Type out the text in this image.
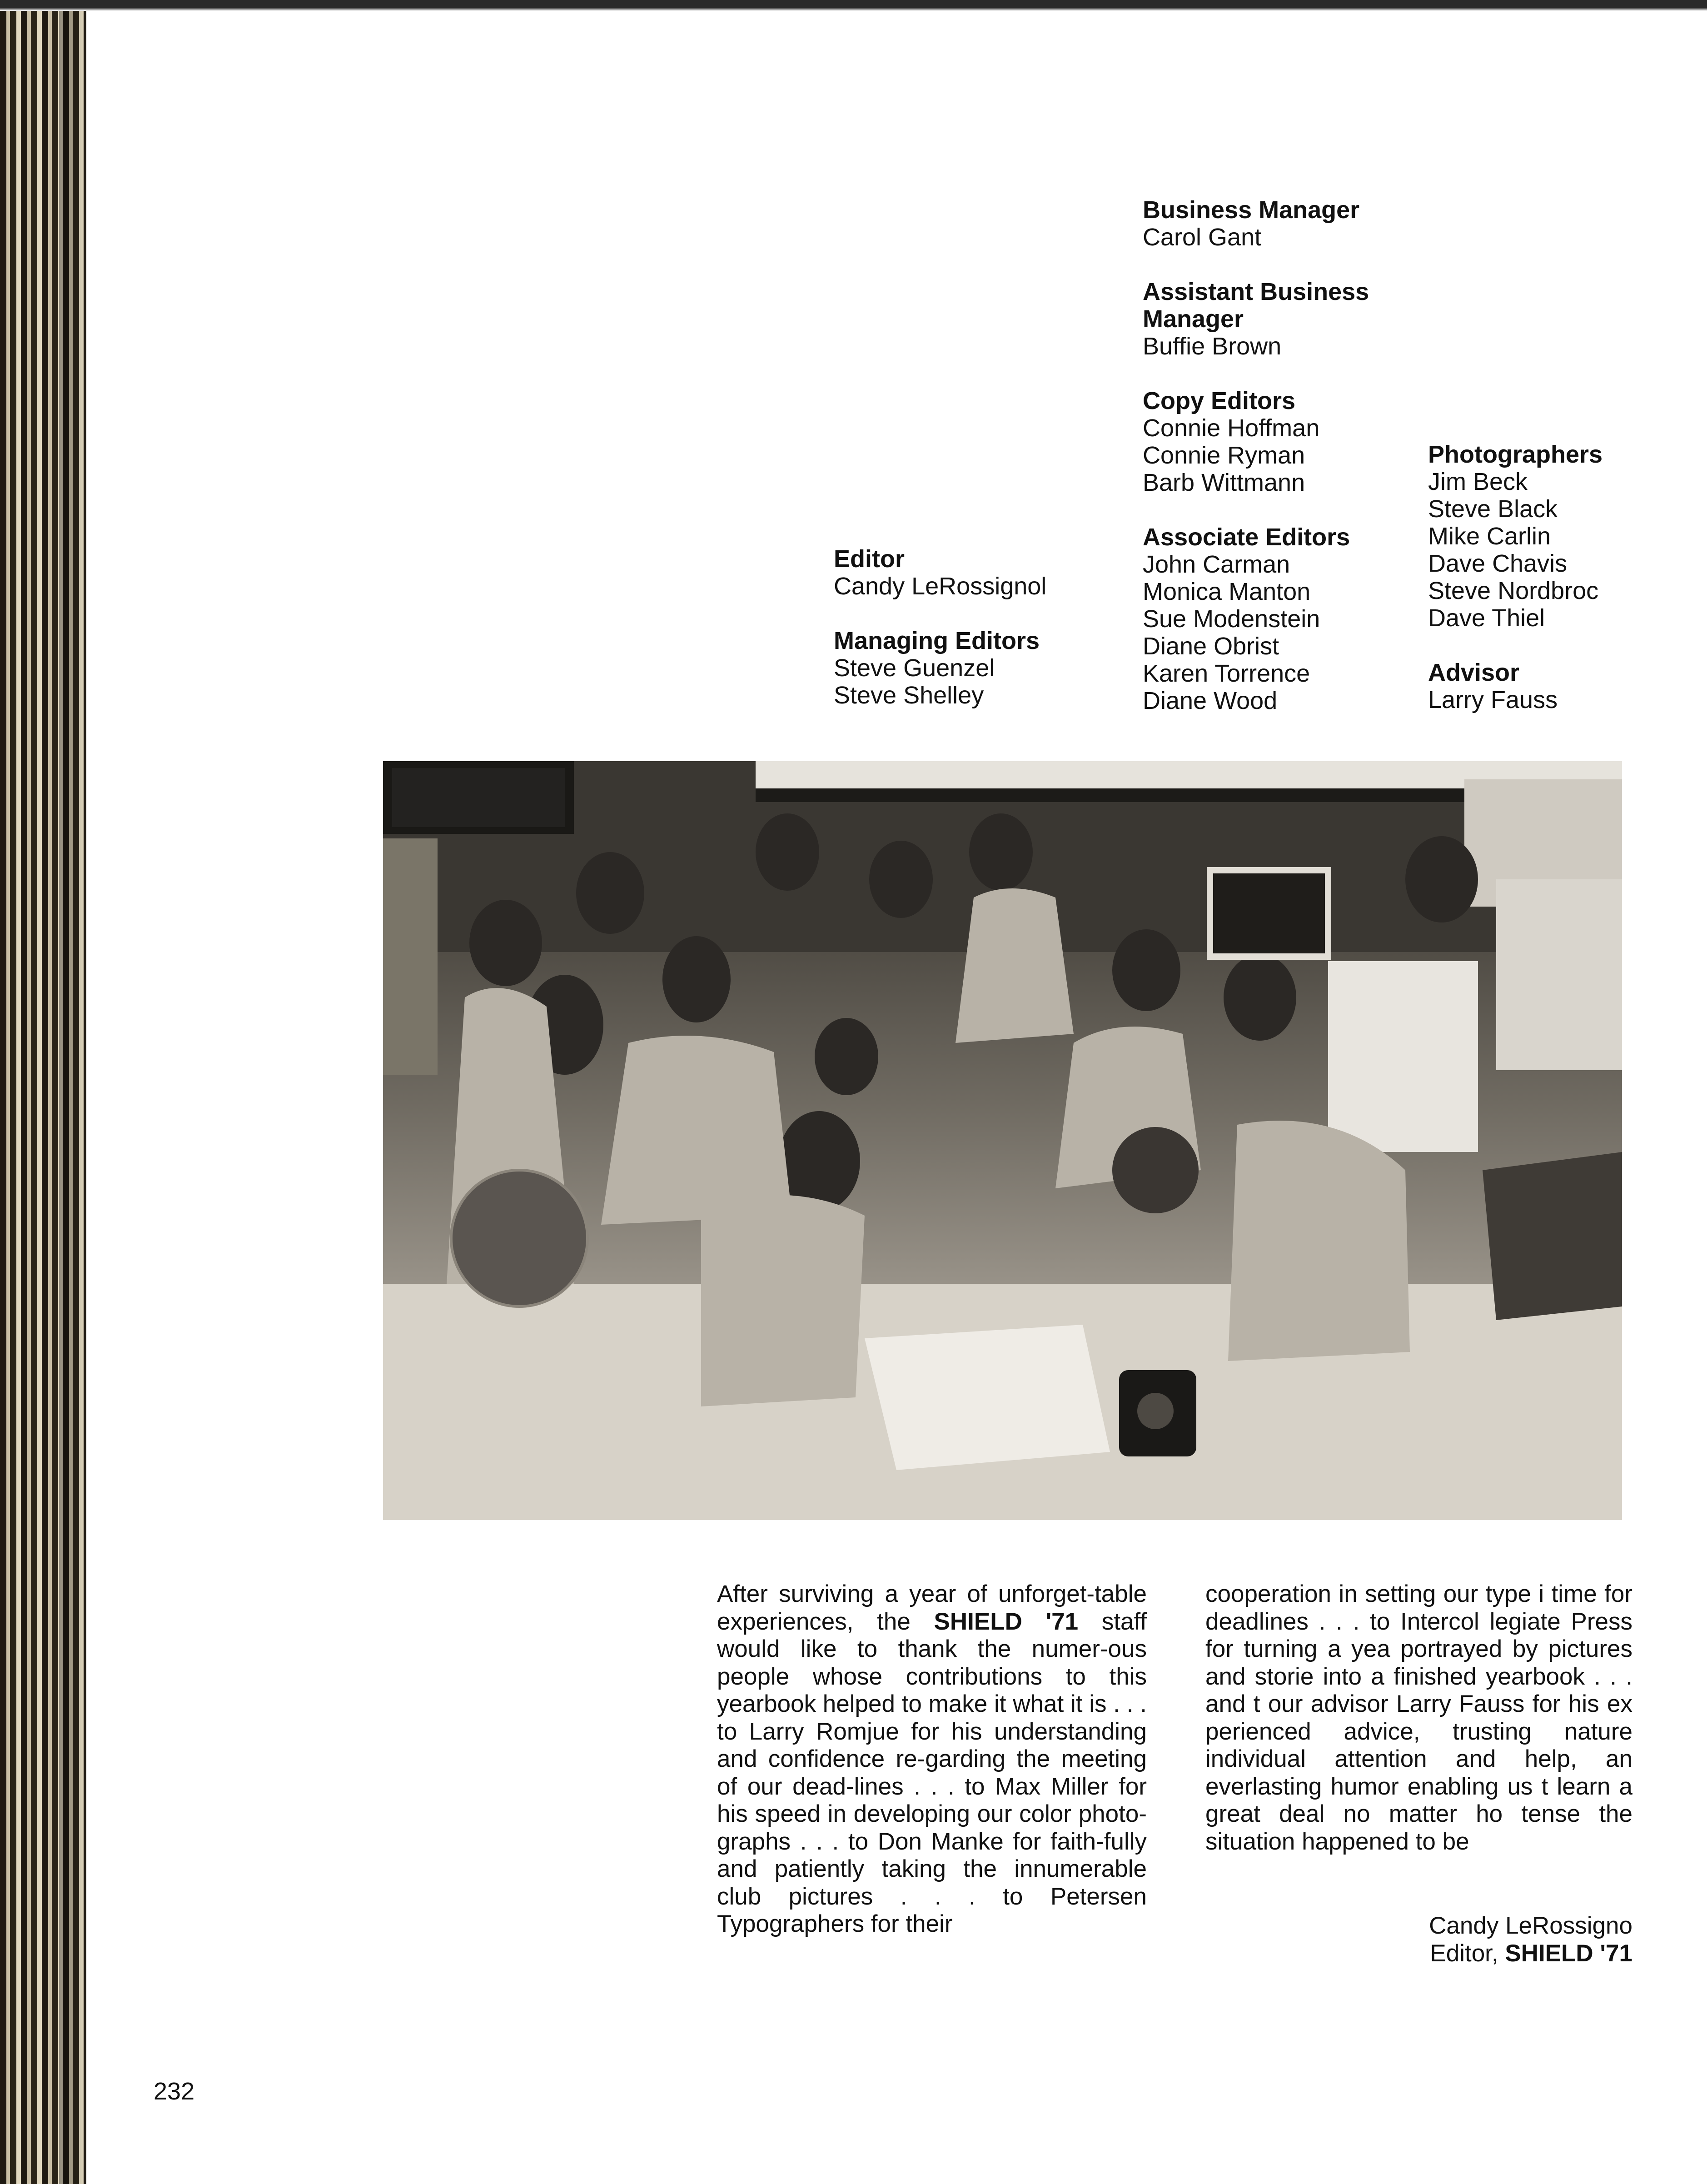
Editor
Candy LeRossignol
Managing Editors
Steve Guenzel
Steve Shelley
Business Manager
Carol Gant
Assistant Business
Manager
Buffie Brown
Copy Editors
Connie Hoffman
Connie Ryman
Barb Wittmann
Associate Editors
John Carman
Monica Manton
Sue Modenstein
Diane Obrist
Karen Torrence
Diane Wood
Photographers
Jim Beck
Steve Black
Mike Carlin
Dave Chavis
Steve Nordbroc
Dave Thiel
Advisor
Larry Fauss
After surviving a year of unforget-table experiences, the SHIELD '71 staff would like to thank the numer-ous people whose contributions to this yearbook helped to make it what it is . . . to Larry Romjue for his understanding and confidence re-garding the meeting of our dead-lines . . . to Max Miller for his speed in developing our color photo-graphs . . . to Don Manke for faith-fully and patiently taking the innumerable club pictures . . . to Petersen Typographers for their
cooperation in setting our type i time for deadlines . . . to Intercol legiate Press for turning a yea portrayed by pictures and storie into a finished yearbook . . . and t our advisor Larry Fauss for his ex perienced advice, trusting nature individual attention and help, an everlasting humor enabling us t learn a great deal no matter ho tense the situation happened to be
Candy LeRossigno
Editor, SHIELD '71
232
